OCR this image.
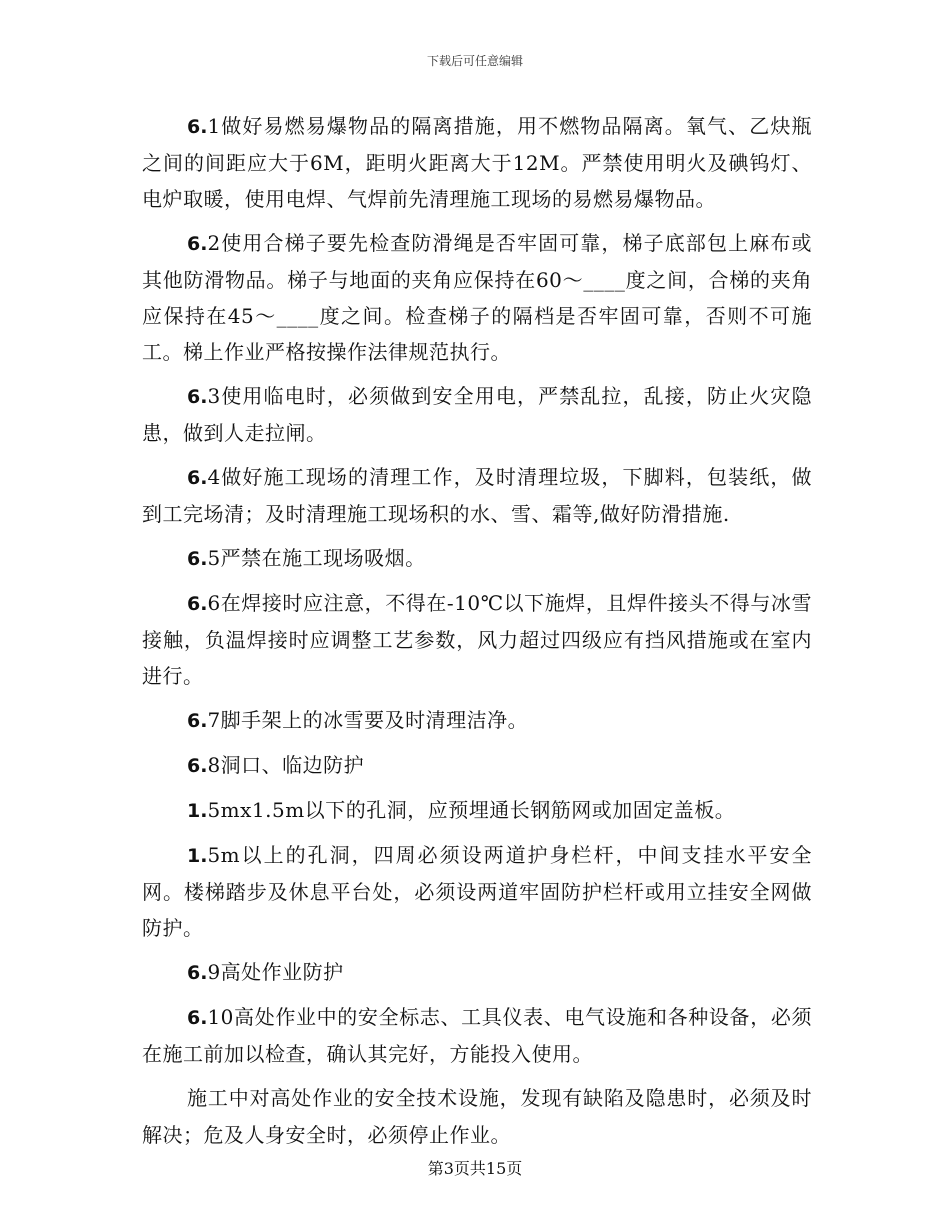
下载后可任意编辑

6.1做好易燃易爆物品的隔离措施，用不燃物品隔离。氧气、乙炔瓶之间的间距应大于6M，距明火距离大于12M。严禁使用明火及碘钨灯、电炉取暖，使用电焊、气焊前先清理施工现场的易燃易爆物品。

6.2使用合梯子要先检查防滑绳是否牢固可靠，梯子底部包上麻布或其他防滑物品。梯子与地面的夹角应保持在60～____度之间，合梯的夹角应保持在45～____度之间。检查梯子的隔档是否牢固可靠，否则不可施工。梯上作业严格按操作法律规范执行。

6.3使用临电时，必须做到安全用电，严禁乱拉，乱接，防止火灾隐患，做到人走拉闸。

6.4做好施工现场的清理工作，及时清理垃圾，下脚料，包装纸，做到工完场清；及时清理施工现场积的水、雪、霜等,做好防滑措施.

6.5严禁在施工现场吸烟。

6.6在焊接时应注意，不得在-10℃以下施焊，且焊件接头不得与冰雪接触，负温焊接时应调整工艺参数，风力超过四级应有挡风措施或在室内进行。

6.7脚手架上的冰雪要及时清理洁净。

6.8洞口、临边防护

1.5mx1.5m以下的孔洞，应预埋通长钢筋网或加固定盖板。

1.5m以上的孔洞，四周必须设两道护身栏杆，中间支挂水平安全网。楼梯踏步及休息平台处，必须设两道牢固防护栏杆或用立挂安全网做防护。

6.9高处作业防护

6.10高处作业中的安全标志、工具仪表、电气设施和各种设备，必须在施工前加以检查，确认其完好，方能投入使用。

施工中对高处作业的安全技术设施，发现有缺陷及隐患时，必须及时解决；危及人身安全时，必须停止作业。

第3页共15页
